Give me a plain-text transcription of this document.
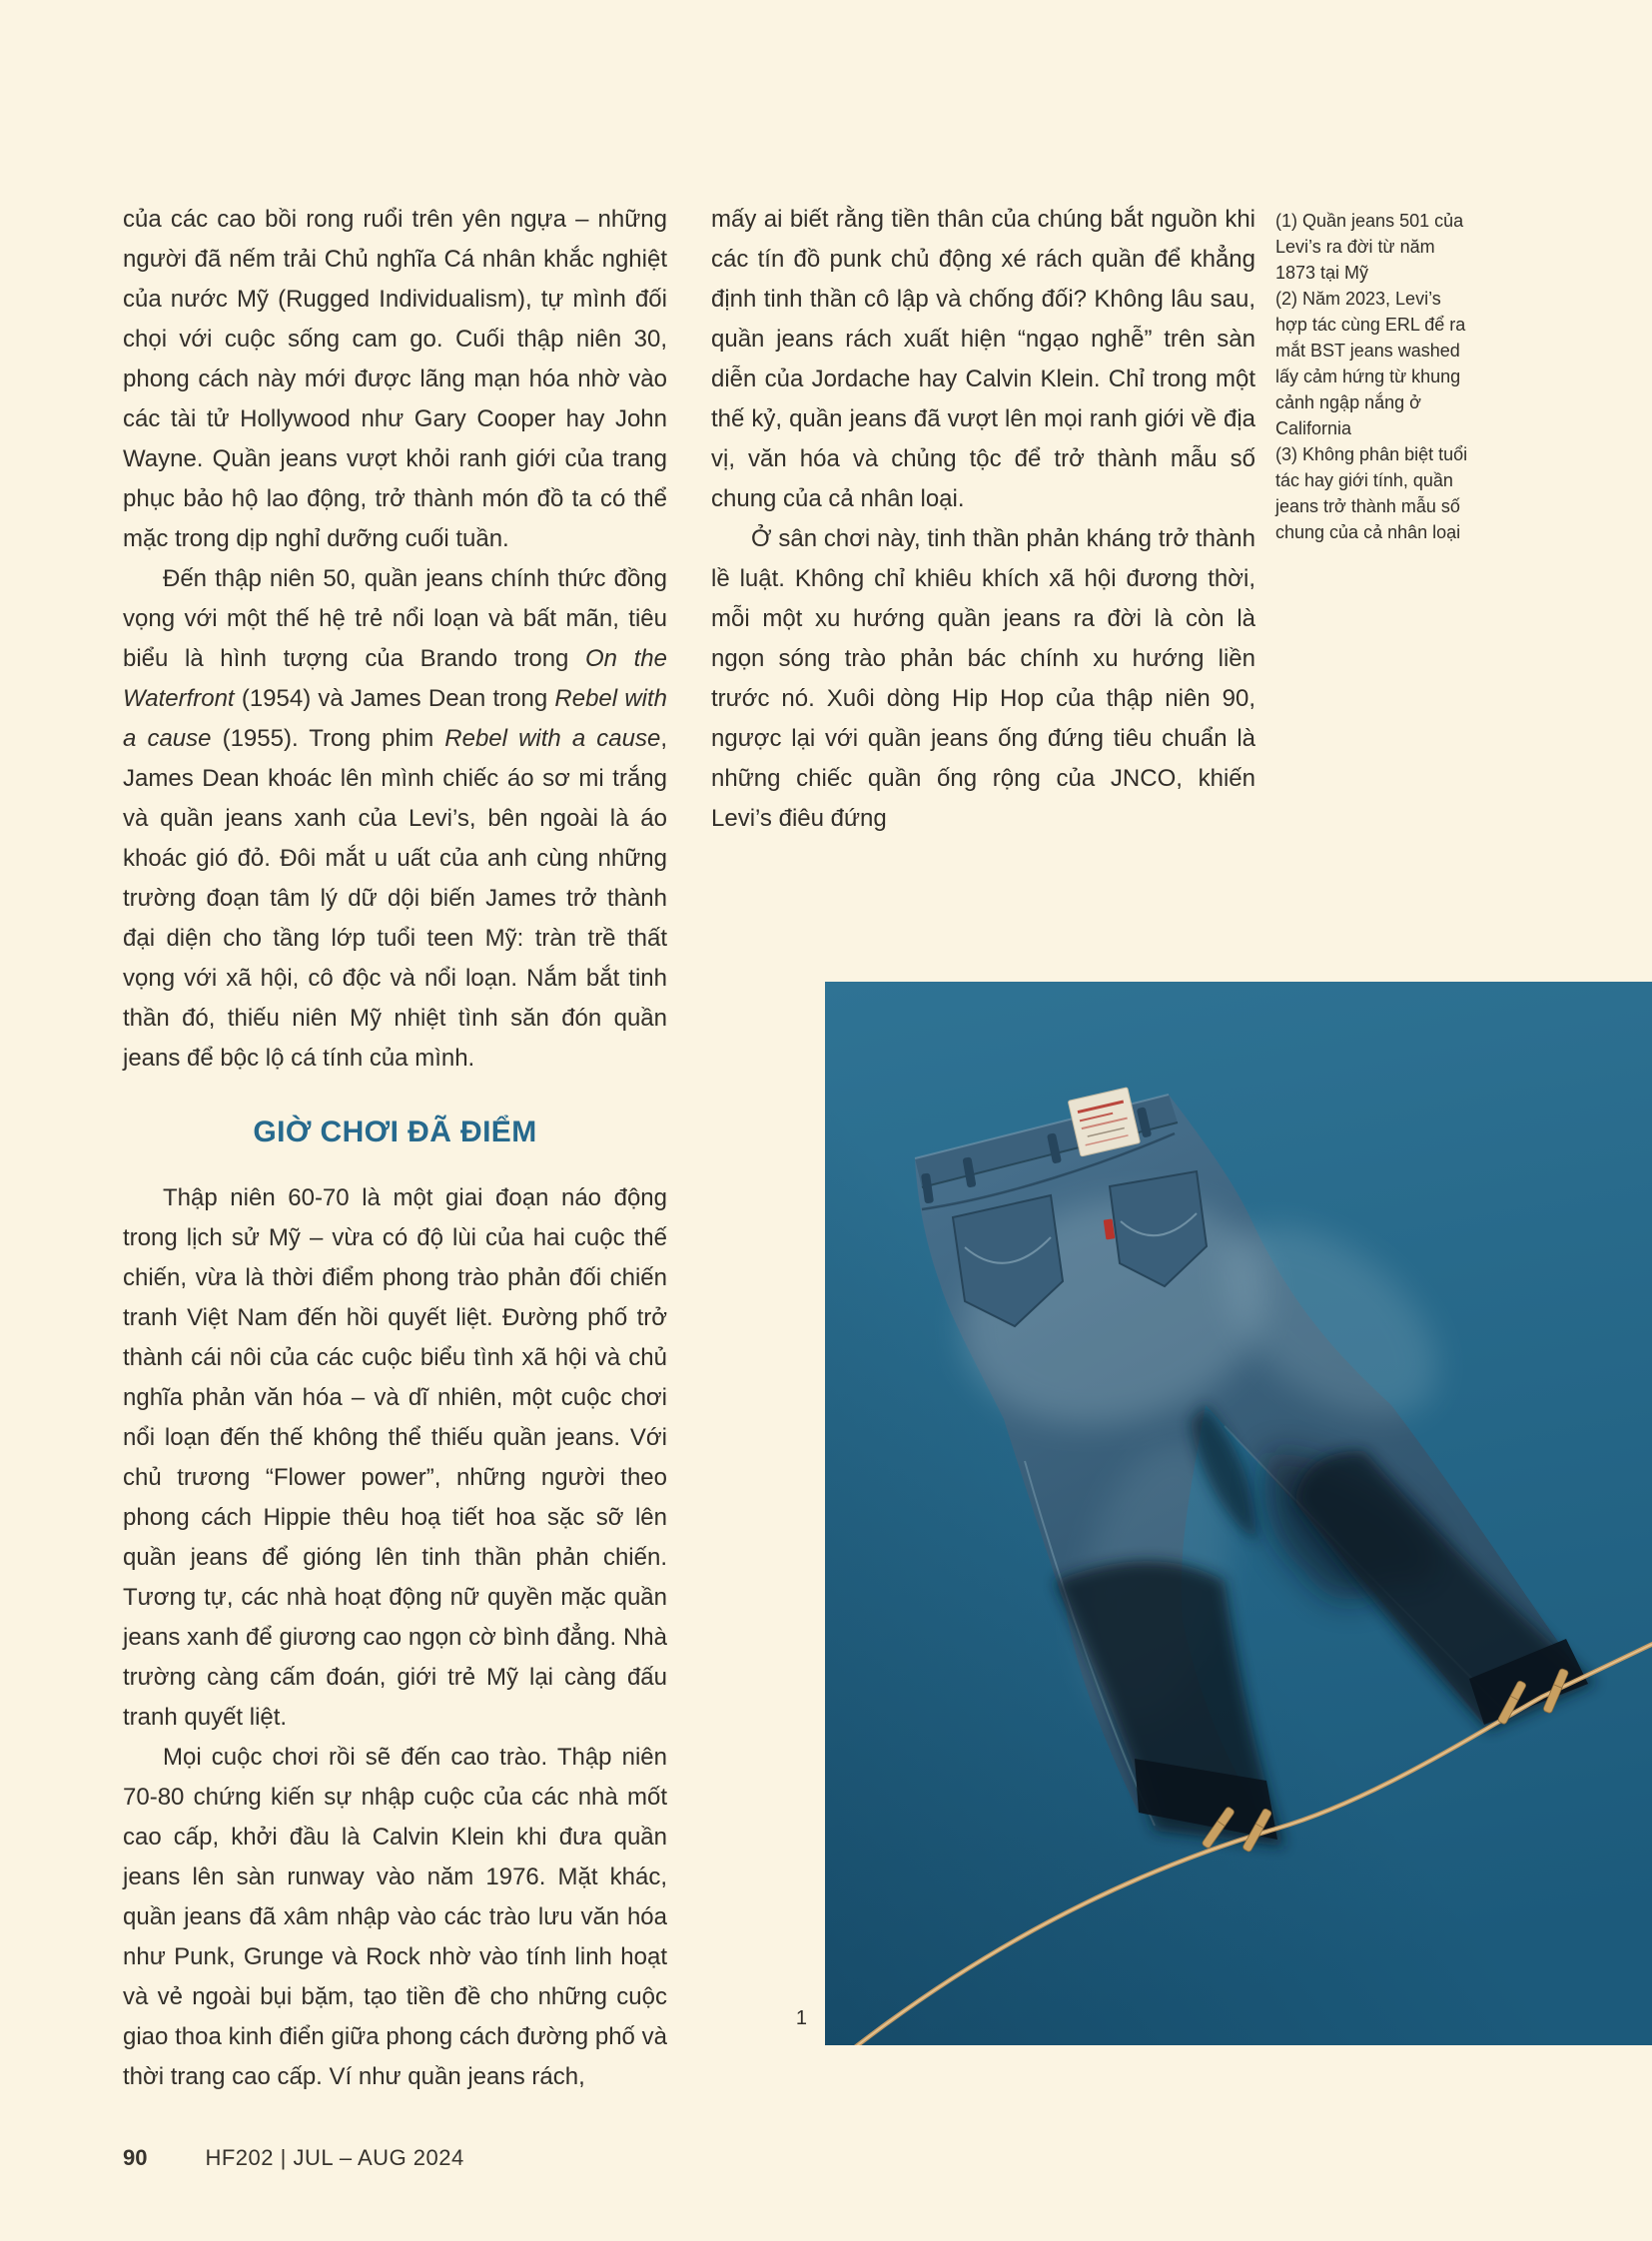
của các cao bồi rong ruổi trên yên ngựa – những người đã nếm trải Chủ nghĩa Cá nhân khắc nghiệt của nước Mỹ (Rugged Individualism), tự mình đối chọi với cuộc sống cam go. Cuối thập niên 30, phong cách này mới được lãng mạn hóa nhờ vào các tài tử Hollywood như Gary Cooper hay John Wayne. Quần jeans vượt khỏi ranh giới của trang phục bảo hộ lao động, trở thành món đồ ta có thể mặc trong dịp nghỉ dưỡng cuối tuần.

Đến thập niên 50, quần jeans chính thức đồng vọng với một thế hệ trẻ nổi loạn và bất mãn, tiêu biểu là hình tượng của Brando trong On the Waterfront (1954) và James Dean trong Rebel with a cause (1955). Trong phim Rebel with a cause, James Dean khoác lên mình chiếc áo sơ mi trắng và quần jeans xanh của Levi’s, bên ngoài là áo khoác gió đỏ. Đôi mắt u uất của anh cùng những trường đoạn tâm lý dữ dội biến James trở thành đại diện cho tầng lớp tuổi teen Mỹ: tràn trề thất vọng với xã hội, cô độc và nổi loạn. Nắm bắt tinh thần đó, thiếu niên Mỹ nhiệt tình săn đón quần jeans để bộc lộ cá tính của mình.

GIỜ CHƠI ĐÃ ĐIỂM

Thập niên 60-70 là một giai đoạn náo động trong lịch sử Mỹ – vừa có độ lùi của hai cuộc thế chiến, vừa là thời điểm phong trào phản đối chiến tranh Việt Nam đến hồi quyết liệt. Đường phố trở thành cái nôi của các cuộc biểu tình xã hội và chủ nghĩa phản văn hóa – và dĩ nhiên, một cuộc chơi nổi loạn đến thế không thể thiếu quần jeans. Với chủ trương “Flower power”, những người theo phong cách Hippie thêu hoạ tiết hoa sặc sỡ lên quần jeans để gióng lên tinh thần phản chiến. Tương tự, các nhà hoạt động nữ quyền mặc quần jeans xanh để giương cao ngọn cờ bình đẳng. Nhà trường càng cấm đoán, giới trẻ Mỹ lại càng đấu tranh quyết liệt.

Mọi cuộc chơi rồi sẽ đến cao trào. Thập niên 70-80 chứng kiến sự nhập cuộc của các nhà mốt cao cấp, khởi đầu là Calvin Klein khi đưa quần jeans lên sàn runway vào năm 1976. Mặt khác, quần jeans đã xâm nhập vào các trào lưu văn hóa như Punk, Grunge và Rock nhờ vào tính linh hoạt và vẻ ngoài bụi bặm, tạo tiền đề cho những cuộc giao thoa kinh điển giữa phong cách đường phố và thời trang cao cấp. Ví như quần jeans rách,

mấy ai biết rằng tiền thân của chúng bắt nguồn khi các tín đồ punk chủ động xé rách quần để khẳng định tinh thần cô lập và chống đối? Không lâu sau, quần jeans rách xuất hiện “ngạo nghễ” trên sàn diễn của Jordache hay Calvin Klein. Chỉ trong một thế kỷ, quần jeans đã vượt lên mọi ranh giới về địa vị, văn hóa và chủng tộc để trở thành mẫu số chung của cả nhân loại.

Ở sân chơi này, tinh thần phản kháng trở thành lề luật. Không chỉ khiêu khích xã hội đương thời, mỗi một xu hướng quần jeans ra đời là còn là ngọn sóng trào phản bác chính xu hướng liền trước nó. Xuôi dòng Hip Hop của thập niên 90, ngược lại với quần jeans ống đứng tiêu chuẩn là những chiếc quần ống rộng của JNCO, khiến Levi’s điêu đứng

(1) Quần jeans 501 của Levi’s ra đời từ năm 1873 tại Mỹ

(2) Năm 2023, Levi’s hợp tác cùng ERL để ra mắt BST jeans washed lấy cảm hứng từ khung cảnh ngập nắng ở California

(3) Không phân biệt tuổi tác hay giới tính, quần jeans trở thành mẫu số chung của cả nhân loại

1
90	HF202 | JUL – AUG 2024
